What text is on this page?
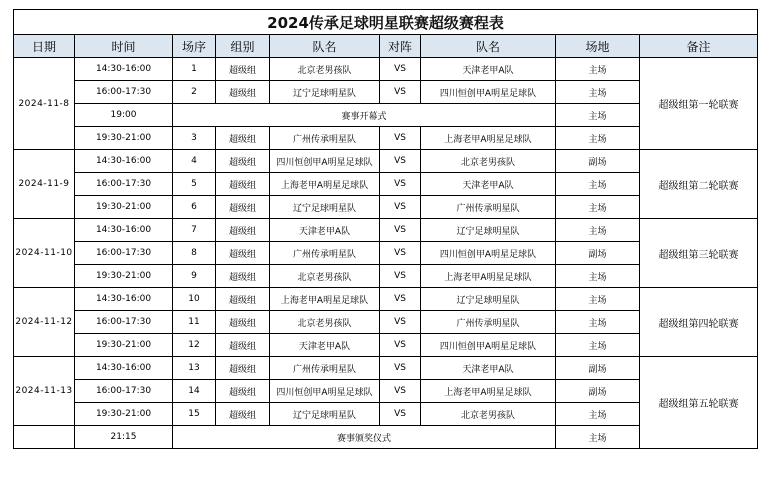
2024传承足球明星联赛超级赛程表								
日期	时间	场序	组别	队名	对阵	队名	场地	备注
2024-11-8	14:30-16:00	1	超级组	北京老男孩队	VS	天津老甲A队	主场	超级组第一轮联赛
	16:00-17:30	2	超级组	辽宁足球明星队	VS	四川恒创甲A明星足球队	主场	
	19:00	赛事开幕式					主场	
	19:30-21:00	3	超级组	广州传承明星队	VS	上海老甲A明星足球队	主场	
2024-11-9	14:30-16:00	4	超级组	四川恒创甲A明星足球队	VS	北京老男孩队	副场	超级组第二轮联赛
	16:00-17:30	5	超级组	上海老甲A明星足球队	VS	天津老甲A队	主场	
	19:30-21:00	6	超级组	辽宁足球明星队	VS	广州传承明星队	主场	
2024-11-10	14:30-16:00	7	超级组	天津老甲A队	VS	辽宁足球明星队	主场	超级组第三轮联赛
	16:00-17:30	8	超级组	广州传承明星队	VS	四川恒创甲A明星足球队	副场	
	19:30-21:00	9	超级组	北京老男孩队	VS	上海老甲A明星足球队	主场	
2024-11-12	14:30-16:00	10	超级组	上海老甲A明星足球队	VS	辽宁足球明星队	主场	超级组第四轮联赛
	16:00-17:30	11	超级组	北京老男孩队	VS	广州传承明星队	主场	
	19:30-21:00	12	超级组	天津老甲A队	VS	四川恒创甲A明星足球队	主场	
2024-11-13	14:30-16:00	13	超级组	广州传承明星队	VS	天津老甲A队	副场	超级组第五轮联赛
	16:00-17:30	14	超级组	四川恒创甲A明星足球队	VS	上海老甲A明星足球队	副场	
	19:30-21:00	15	超级组	辽宁足球明星队	VS	北京老男孩队	主场	
	21:15	赛事颁奖仪式					主场	
